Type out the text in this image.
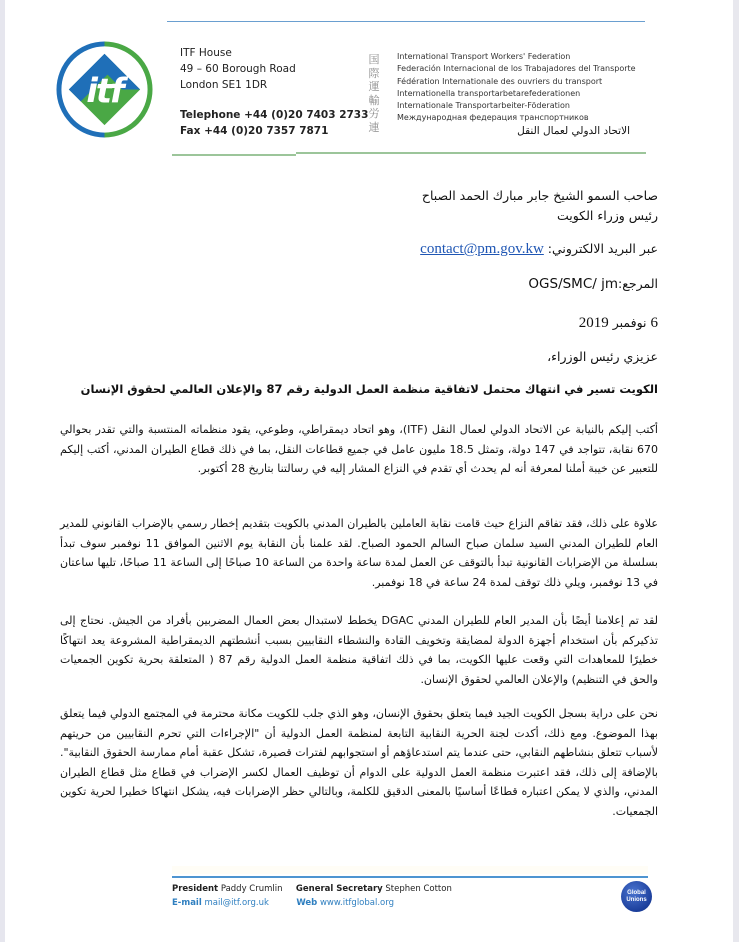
itf
ITF House
49 – 60 Borough Road
London SE1 1DR
Telephone +44 (0)20 7403 2733
Fax +44 (0)20 7357 7871
国
際
運
輸
労
連
International Transport Workers' Federation
Federación Internacional de los Trabajadores del Transporte
Fédération Internationale des ouvriers du transport
Internationella transportarbetarefederationen
Internationale Transportarbeiter-Föderation
Международная федерация транспортников
الاتحاد الدولي لعمال النقل
صاحب السمو الشيخ جابر مبارك الحمد الصباح
رئيس وزراء الكويت
عبر البريد الالكتروني: contact@pm.gov.kw
المرجع:OGS/SMC/ jm
6 نوفمبر 2019
عزيزي رئيس الوزراء،
الكويت تسير في انتهاك محتمل لاتفاقية منظمة العمل الدولية رقم 87 والإعلان العالمي لحقوق الإنسان
أكتب إليكم بالنيابة عن الاتحاد الدولي لعمال النقل (ITF)، وهو اتحاد ديمقراطي، وطوعي، يقود منظماته المنتسبة والتي تقدر بحوالي 670 نقابة، تتواجد في 147 دولة، وتمثل 18.5 مليون عامل في جميع قطاعات النقل، بما في ذلك قطاع الطيران المدني، أكتب إليكم للتعبير عن خيبة أملنا لمعرفة أنه لم يحدث أي تقدم في النزاع المشار إليه في رسالتنا بتاريخ 28 أكتوبر.
علاوة على ذلك، فقد تفاقم النزاع حيث قامت نقابة العاملين بالطيران المدني بالكويت بتقديم إخطار رسمي بالإضراب القانوني للمدير العام للطيران المدني السيد سلمان صباح السالم الحمود الصباح. لقد علمنا بأن النقابة يوم الاثنين الموافق 11 نوفمبر سوف تبدأ بسلسلة من الإضرابات القانونية تبدأ بالتوقف عن العمل لمدة ساعة واحدة من الساعة 10 صباحًا إلى الساعة 11 صباحًا، تليها ساعتان في 13 نوفمبر، ويلي ذلك توقف لمدة 24 ساعة في 18 نوفمبر.
لقد تم إعلامنا أيضًا بأن المدير العام للطيران المدني DGAC يخطط لاستبدال بعض العمال المضربين بأفراد من الجيش. نحتاج إلى تذكيركم بأن استخدام أجهزة الدولة لمضايقة وتخويف القادة والنشطاء النقابيين بسبب أنشطتهم الديمقراطية المشروعة يعد انتهاكًا خطيرًا للمعاهدات التي وقعت عليها الكويت، بما في ذلك اتفاقية منظمة العمل الدولية رقم 87 ( المتعلقة بحرية تكوين الجمعيات والحق في التنظيم) والإعلان العالمي لحقوق الإنسان.
نحن على دراية بسجل الكويت الجيد فيما يتعلق بحقوق الإنسان، وهو الذي جلب للكويت مكانة محترمة في المجتمع الدولي فيما يتعلق بهذا الموضوع. ومع ذلك، أكدت لجنة الحرية النقابية التابعة لمنظمة العمل الدولية أن "الإجراءات التي تحرم النقابيين من حريتهم لأسباب تتعلق بنشاطهم النقابي، حتى عندما يتم استدعاؤهم أو استجوابهم لفترات قصيرة، تشكل عقبة أمام ممارسة الحقوق النقابية". بالإضافة إلى ذلك، فقد اعتبرت منظمة العمل الدولية على الدوام أن توظيف العمال لكسر الإضراب في قطاع مثل قطاع الطيران المدني، والذي لا يمكن اعتباره قطاعًا أساسيًا بالمعنى الدقيق للكلمة، وبالتالي حظر الإضرابات فيه، يشكل انتهاكا خطيرا لحرية تكوين الجمعيات.
President Paddy Crumlin General Secretary Stephen Cotton
E-mail mail@itf.org.uk	Web www.itfglobal.org
Global
Unions
